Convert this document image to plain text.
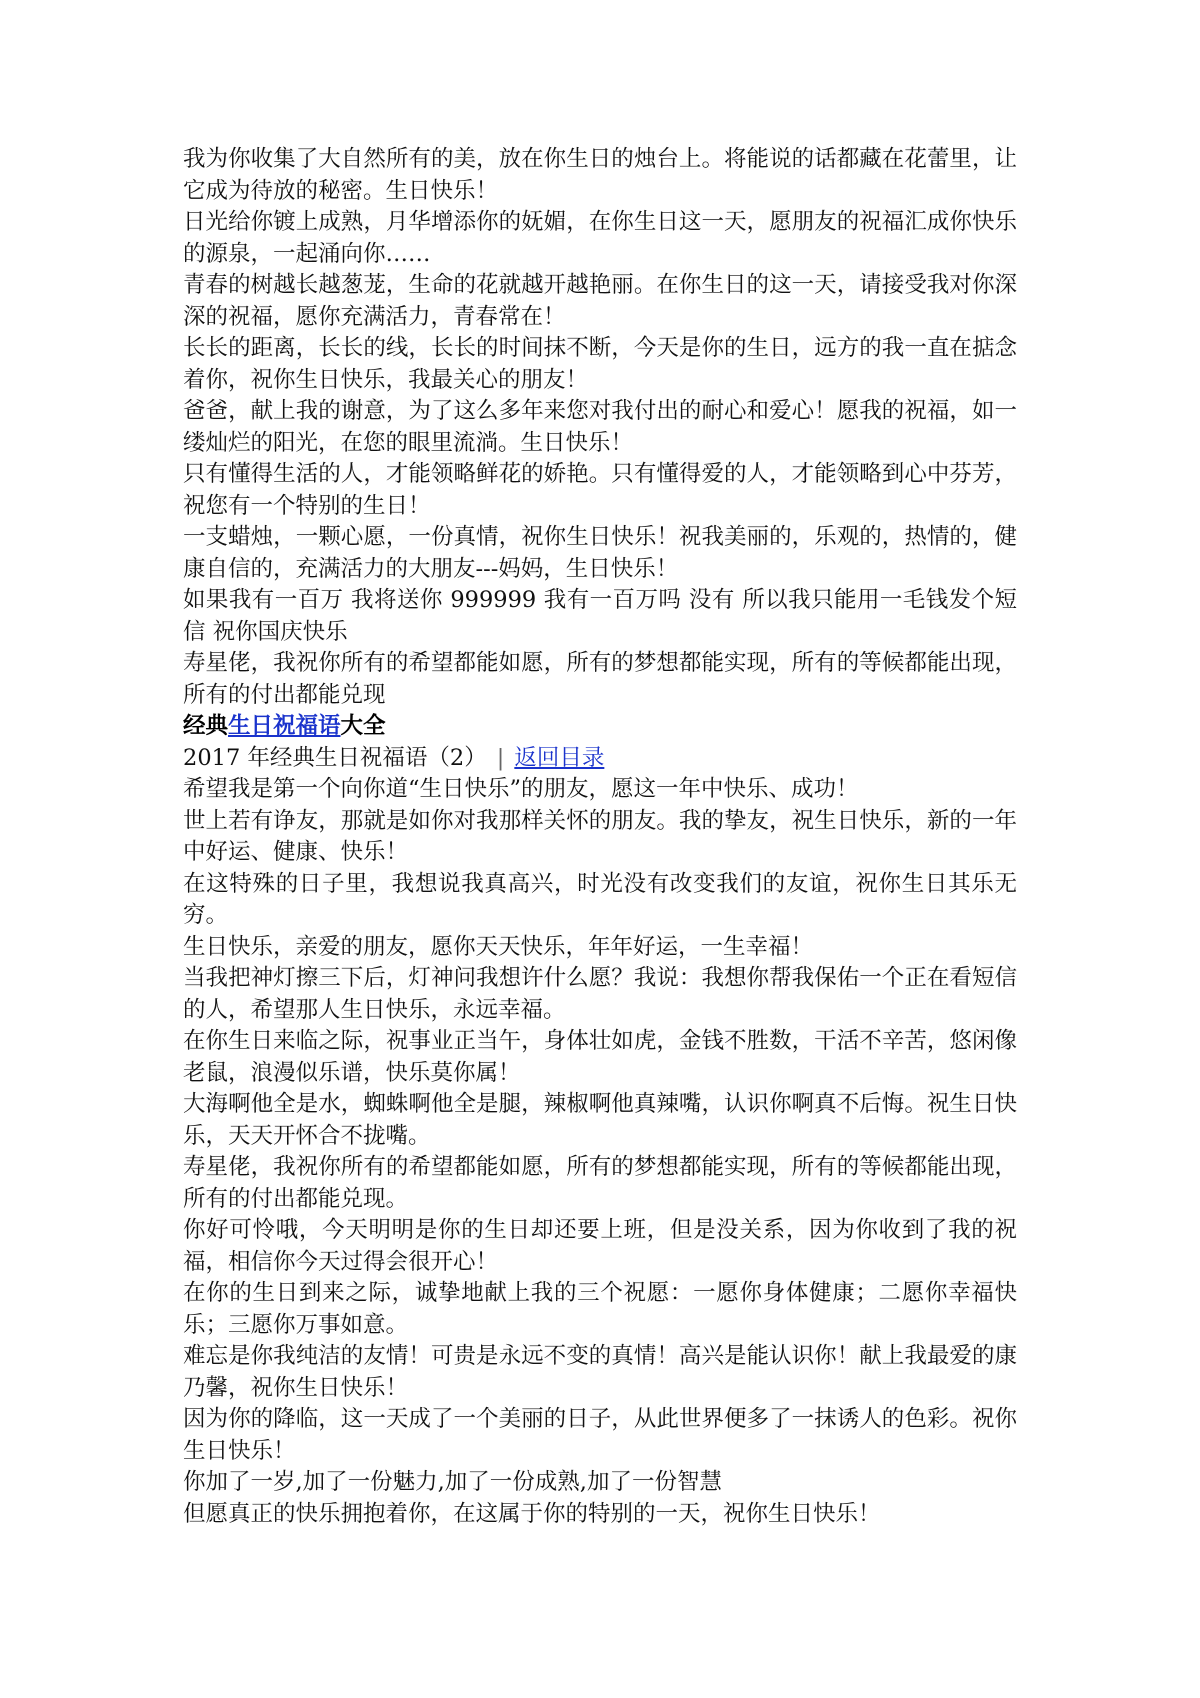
我为你收集了大自然所有的美，放在你生日的烛台上。将能说的话都藏在花蕾里，让它成为待放的秘密。生日快乐！

日光给你镀上成熟，月华增添你的妩媚，在你生日这一天，愿朋友的祝福汇成你快乐的源泉，一起涌向你……

青春的树越长越葱茏，生命的花就越开越艳丽。在你生日的这一天，请接受我对你深深的祝福，愿你充满活力，青春常在！

长长的距离，长长的线，长长的时间抹不断，今天是你的生日，远方的我一直在掂念着你，祝你生日快乐，我最关心的朋友！

爸爸，献上我的谢意，为了这么多年来您对我付出的耐心和爱心！愿我的祝福，如一缕灿烂的阳光，在您的眼里流淌。生日快乐！

只有懂得生活的人，才能领略鲜花的娇艳。只有懂得爱的人，才能领略到心中芬芳，祝您有一个特别的生日！

一支蜡烛，一颗心愿，一份真情，祝你生日快乐！祝我美丽的，乐观的，热情的，健康自信的，充满活力的大朋友---妈妈，生日快乐！

如果我有一百万 我将送你 999999 我有一百万吗 没有 所以我只能用一毛钱发个短信 祝你国庆快乐

寿星佬，我祝你所有的希望都能如愿，所有的梦想都能实现，所有的等候都能出现，所有的付出都能兑现

经典生日祝福语大全

2017 年经典生日祝福语（2） | 返回目录

希望我是第一个向你道“生日快乐”的朋友，愿这一年中快乐、成功！

世上若有诤友，那就是如你对我那样关怀的朋友。我的挚友，祝生日快乐，新的一年中好运、健康、快乐！

在这特殊的日子里，我想说我真高兴，时光没有改变我们的友谊，祝你生日其乐无穷。

生日快乐，亲爱的朋友，愿你天天快乐，年年好运，一生幸福！

当我把神灯擦三下后，灯神问我想许什么愿？我说：我想你帮我保佑一个正在看短信的人，希望那人生日快乐，永远幸福。

在你生日来临之际，祝事业正当午，身体壮如虎，金钱不胜数，干活不辛苦，悠闲像老鼠，浪漫似乐谱，快乐莫你属！

大海啊他全是水，蜘蛛啊他全是腿，辣椒啊他真辣嘴，认识你啊真不后悔。祝生日快乐，天天开怀合不拢嘴。

寿星佬，我祝你所有的希望都能如愿，所有的梦想都能实现，所有的等候都能出现，所有的付出都能兑现。

你好可怜哦，今天明明是你的生日却还要上班，但是没关系，因为你收到了我的祝福，相信你今天过得会很开心！

在你的生日到来之际，诚挚地献上我的三个祝愿：一愿你身体健康；二愿你幸福快乐；三愿你万事如意。

难忘是你我纯洁的友情！可贵是永远不变的真情！高兴是能认识你！献上我最爱的康乃馨，祝你生日快乐！

因为你的降临，这一天成了一个美丽的日子，从此世界便多了一抹诱人的色彩。祝你生日快乐！

你加了一岁,加了一份魅力,加了一份成熟,加了一份智慧

但愿真正的快乐拥抱着你，在这属于你的特别的一天，祝你生日快乐！
